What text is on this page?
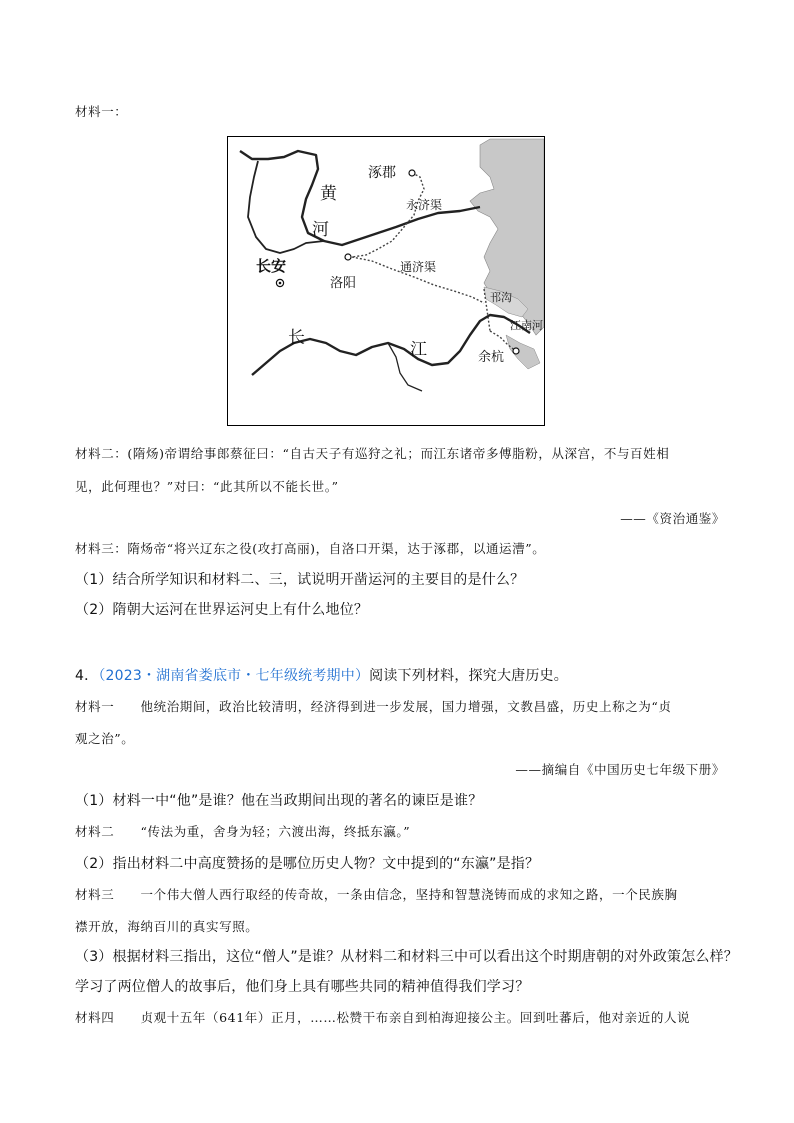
材料一：
涿郡
永济渠
黄
河
长安
洛阳
通济渠
邗沟
江南河
长
江	余杭
材料二：(隋炀)帝谓给事郎蔡征曰：“自古天子有巡狩之礼；而江东诸帝多傅脂粉，从深宫，不与百姓相
见，此何理也？”对曰：“此其所以不能长世。”
——《资治通鉴》
材料三：隋炀帝“将兴辽东之役(攻打高丽)，自洛口开渠，达于涿郡，以通运漕”。
（1）结合所学知识和材料二、三，试说明开凿运河的主要目的是什么？
（2）隋朝大运河在世界运河史上有什么地位？
4．（2023・湖南省娄底市・七年级统考期中）阅读下列材料，探究大唐历史。
材料一　　他统治期间，政治比较清明，经济得到进一步发展，国力增强，文教昌盛，历史上称之为“贞
观之治”。
——摘编自《中国历史七年级下册》
（1）材料一中“他”是谁？他在当政期间出现的著名的谏臣是谁？
材料二　　“传法为重，舍身为轻；六渡出海，终抵东瀛。”
（2）指出材料二中高度赞扬的是哪位历史人物？文中提到的“东瀛”是指？
材料三　　一个伟大僧人西行取经的传奇故，一条由信念，坚持和智慧浇铸而成的求知之路，一个民族胸
襟开放，海纳百川的真实写照。
（3）根据材料三指出，这位“僧人”是谁？从材料二和材料三中可以看出这个时期唐朝的对外政策怎么样？
学习了两位僧人的故事后，他们身上具有哪些共同的精神值得我们学习？
材料四　　贞观十五年（641年）正月，……松赞干布亲自到柏海迎接公主。回到吐蕃后，他对亲近的人说
